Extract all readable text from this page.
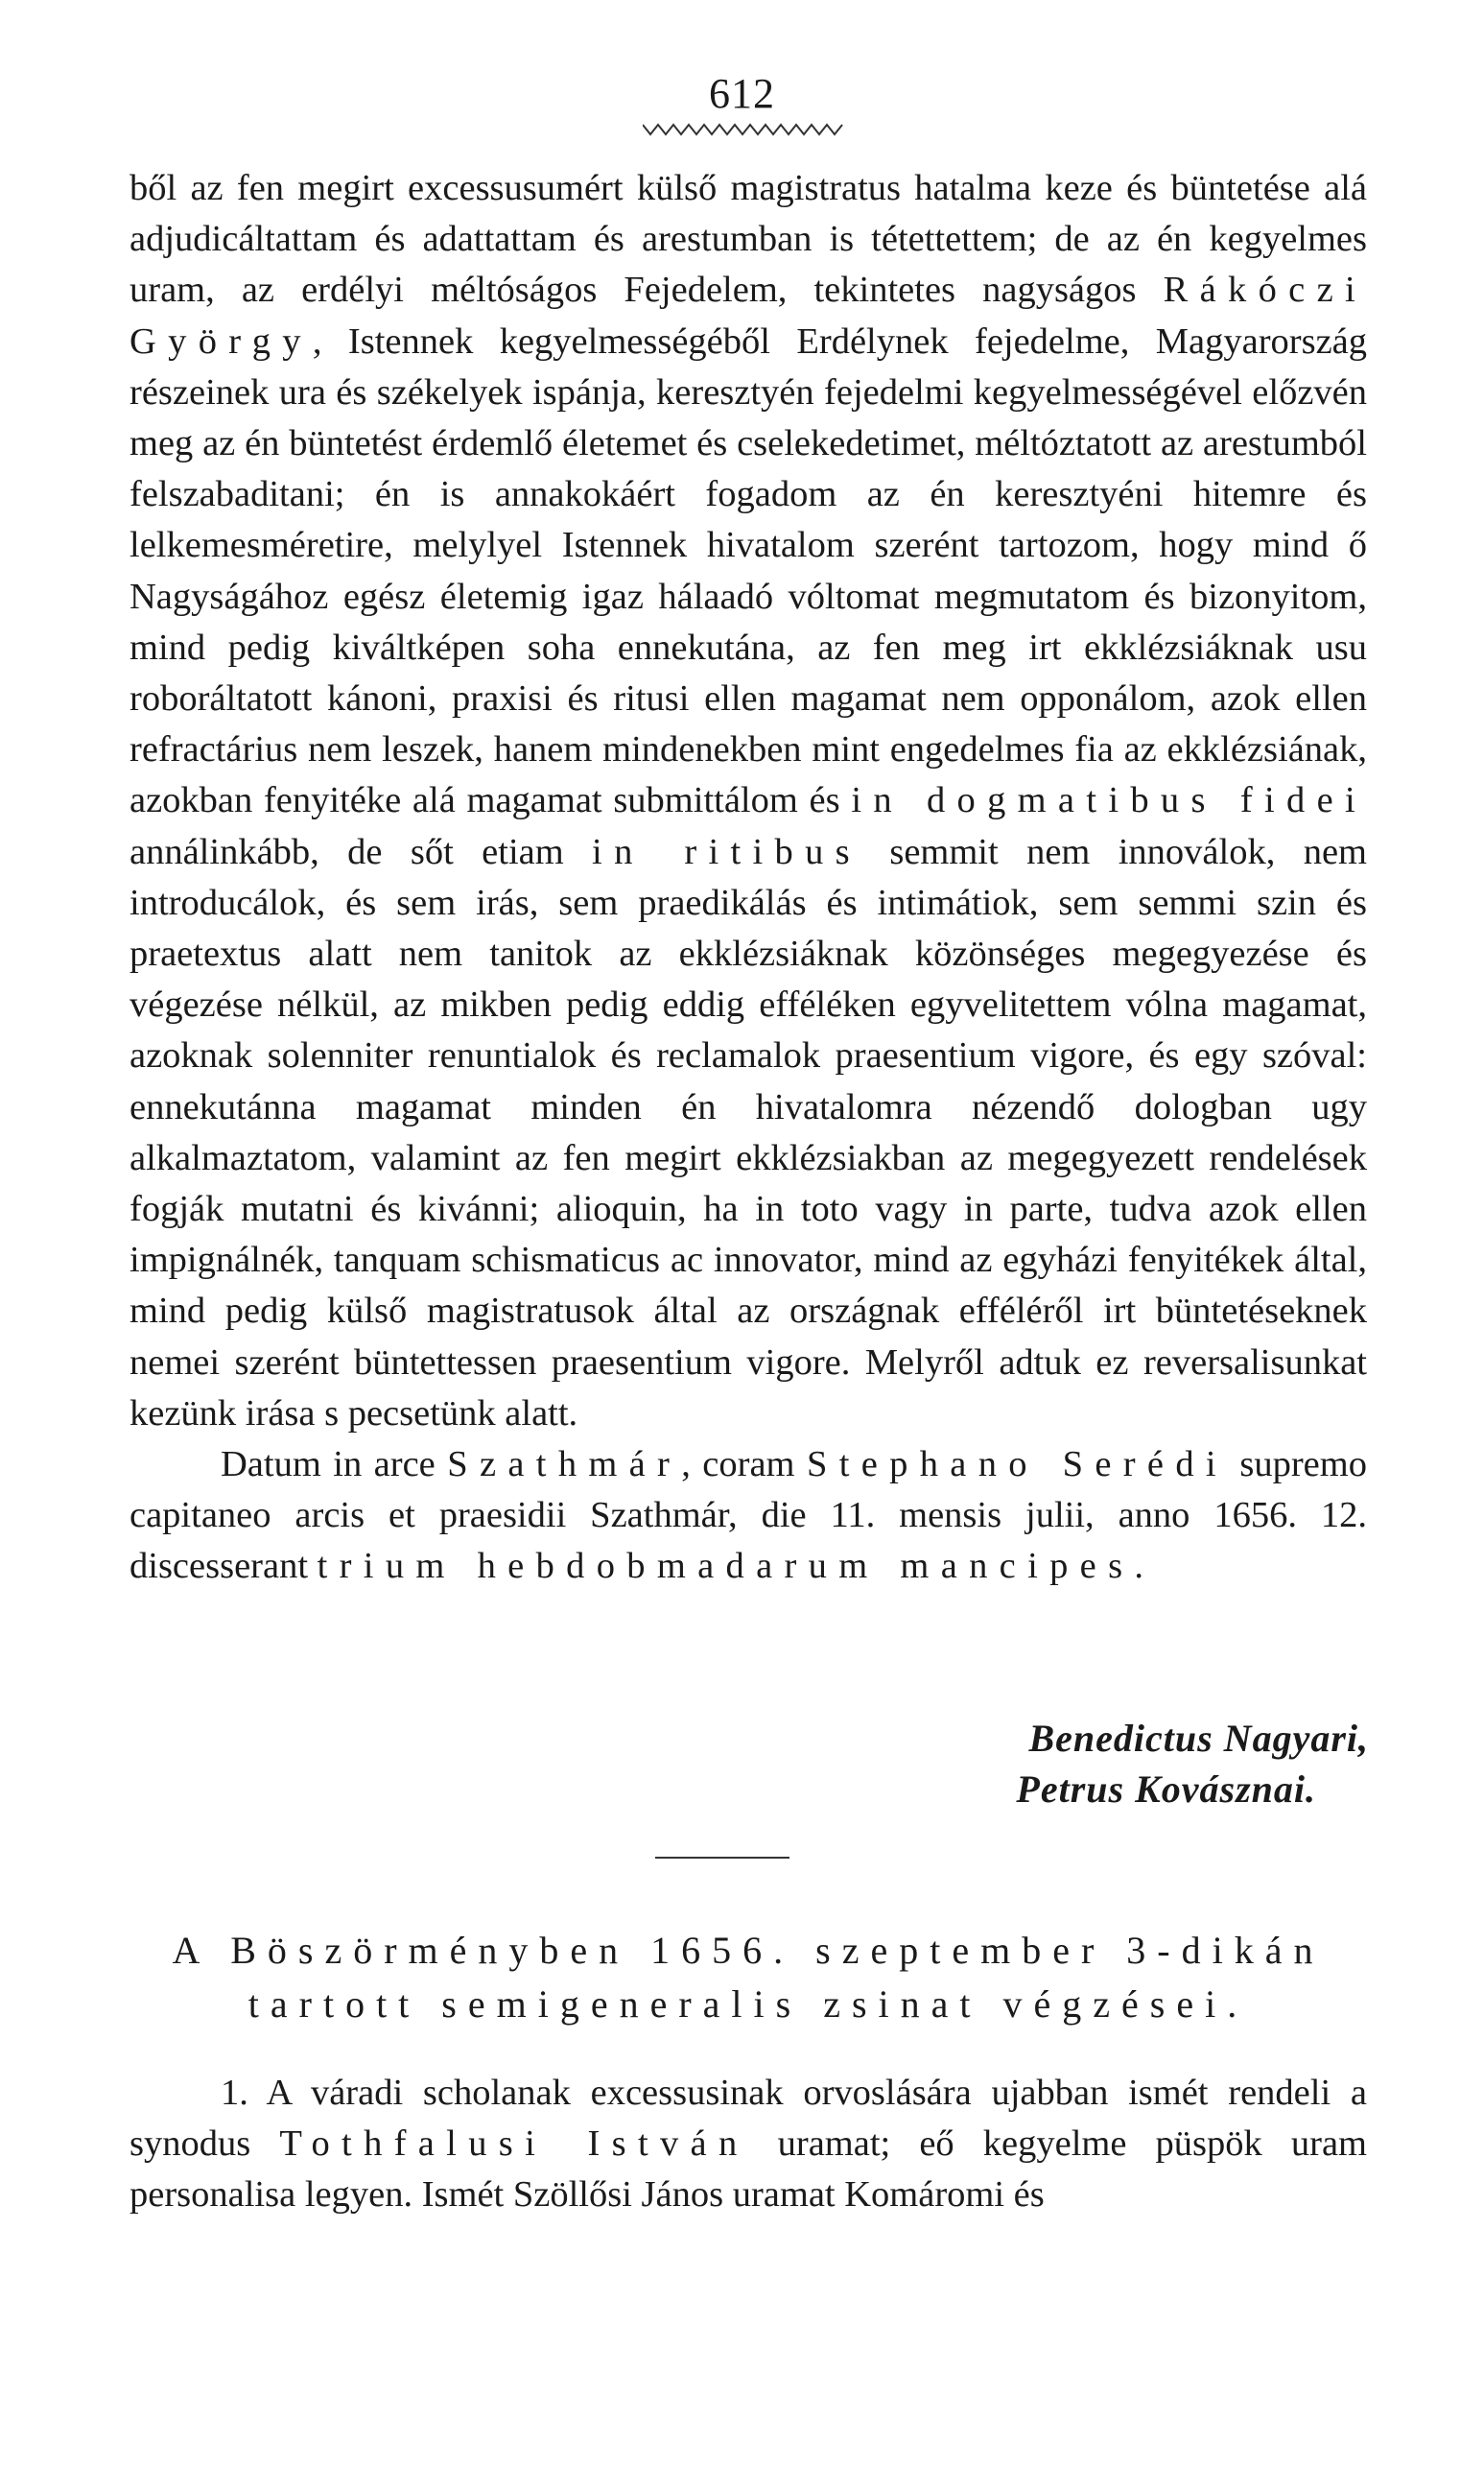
612

ből az fen megirt excessusumért külső magistratus hatalma keze és büntetése alá adjudicáltattam és adattattam és arestumban is tétettettem; de az én kegyelmes uram, az erdélyi méltóságos Fejedelem, tekintetes nagyságos Rákóczi György, Istennek kegyelmességéből Erdélynek fejedelme, Magyarország részeinek ura és székelyek ispánja, keresztyén fejedelmi kegyelmességével előzvén meg az én büntetést érdemlő életemet és cselekedetimet, méltóztatott az arestumból felszabaditani; én is annakokáért fogadom az én keresztyéni hitemre és lelkemesméretire, melylyel Istennek hivatalom szerént tartozom, hogy mind ő Nagyságához egész életemig igaz hálaadó vóltomat megmutatom és bizonyitom, mind pedig kiváltképen soha ennekutána, az fen meg irt ekklézsiáknak usu roboráltatott kánoni, praxisi és ritusi ellen magamat nem opponálom, azok ellen refractárius nem leszek, hanem mindenekben mint engedelmes fia az ekklézsiának, azokban fenyitéke alá magamat submittálom és in dogmatibus fidei annálinkább, de sőt etiam in ritibus semmit nem innoválok, nem introducálok, és sem irás, sem praedikálás és intimátiok, sem semmi szin és praetextus alatt nem tanitok az ekklézsiáknak közönséges megegyezése és végezése nélkül, az mikben pedig eddig efféléken egyvelitettem vólna magamat, azoknak solenniter renuntialok és reclamalok praesentium vigore, és egy szóval: ennekutánna magamat minden én hivatalomra nézendő dologban ugy alkalmaztatom, valamint az fen megirt ekklézsiakban az megegyezett rendelések fogják mutatni és kivánni; alioquin, ha in toto vagy in parte, tudva azok ellen impignálnék, tanquam schismaticus ac innovator, mind az egyházi fenyitékek által, mind pedig külső magistratusok által az országnak efféléről irt büntetéseknek nemei szerént büntettessen praesentium vigore. Melyről adtuk ez reversalisunkat kezünk irása s pecsetünk alatt.

Datum in arce Szathmár, coram Stephano Serédi supremo capitaneo arcis et praesidii Szathmár, die 11. mensis julii, anno 1656. 12. discesserant trium hebdobmadarum mancipes.

Benedictus Nagyari,
Petrus Kovásznai.
A Böszörményben 1656. szeptember 3-dikán tartott semigeneralis zsinat végzései.

1. A váradi scholanak excessusinak orvoslására ujabban ismét rendeli a synodus Tothfalusi István uramat; eő kegyelme püspök uram personalisa legyen. Ismét Szöllősi János uramat Komáromi és
